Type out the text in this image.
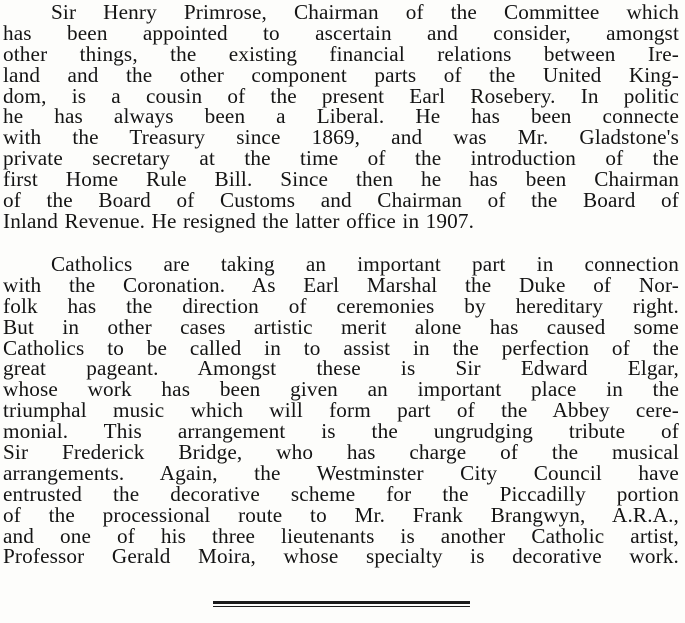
Sir Henry Primrose, Chairman of the Committee which
has been appointed to ascertain and consider, amongst
other things, the existing financial relations between Ire-
land and the other component parts of the United King-
dom, is a cousin of the present Earl Rosebery. In politic
he has always been a Liberal. He has been connecte
with the Treasury since 1869, and was Mr. Gladstone's
private secretary at the time of the introduction of the
first Home Rule Bill. Since then he has been Chairman
of the Board of Customs and Chairman of the Board of
Inland Revenue. He resigned the latter office in 1907.
Catholics are taking an important part in connection
with the Coronation. As Earl Marshal the Duke of Nor-
folk has the direction of ceremonies by hereditary right.
But in other cases artistic merit alone has caused some
Catholics to be called in to assist in the perfection of the
great pageant. Amongst these is Sir Edward Elgar,
whose work has been given an important place in the
triumphal music which will form part of the Abbey cere-
monial. This arrangement is the ungrudging tribute of
Sir Frederick Bridge, who has charge of the musical
arrangements. Again, the Westminster City Council have
entrusted the decorative scheme for the Piccadilly portion
of the processional route to Mr. Frank Brangwyn, A.R.A.,
and one of his three lieutenants is another Catholic artist,
Professor Gerald Moira, whose specialty is decorative work.
